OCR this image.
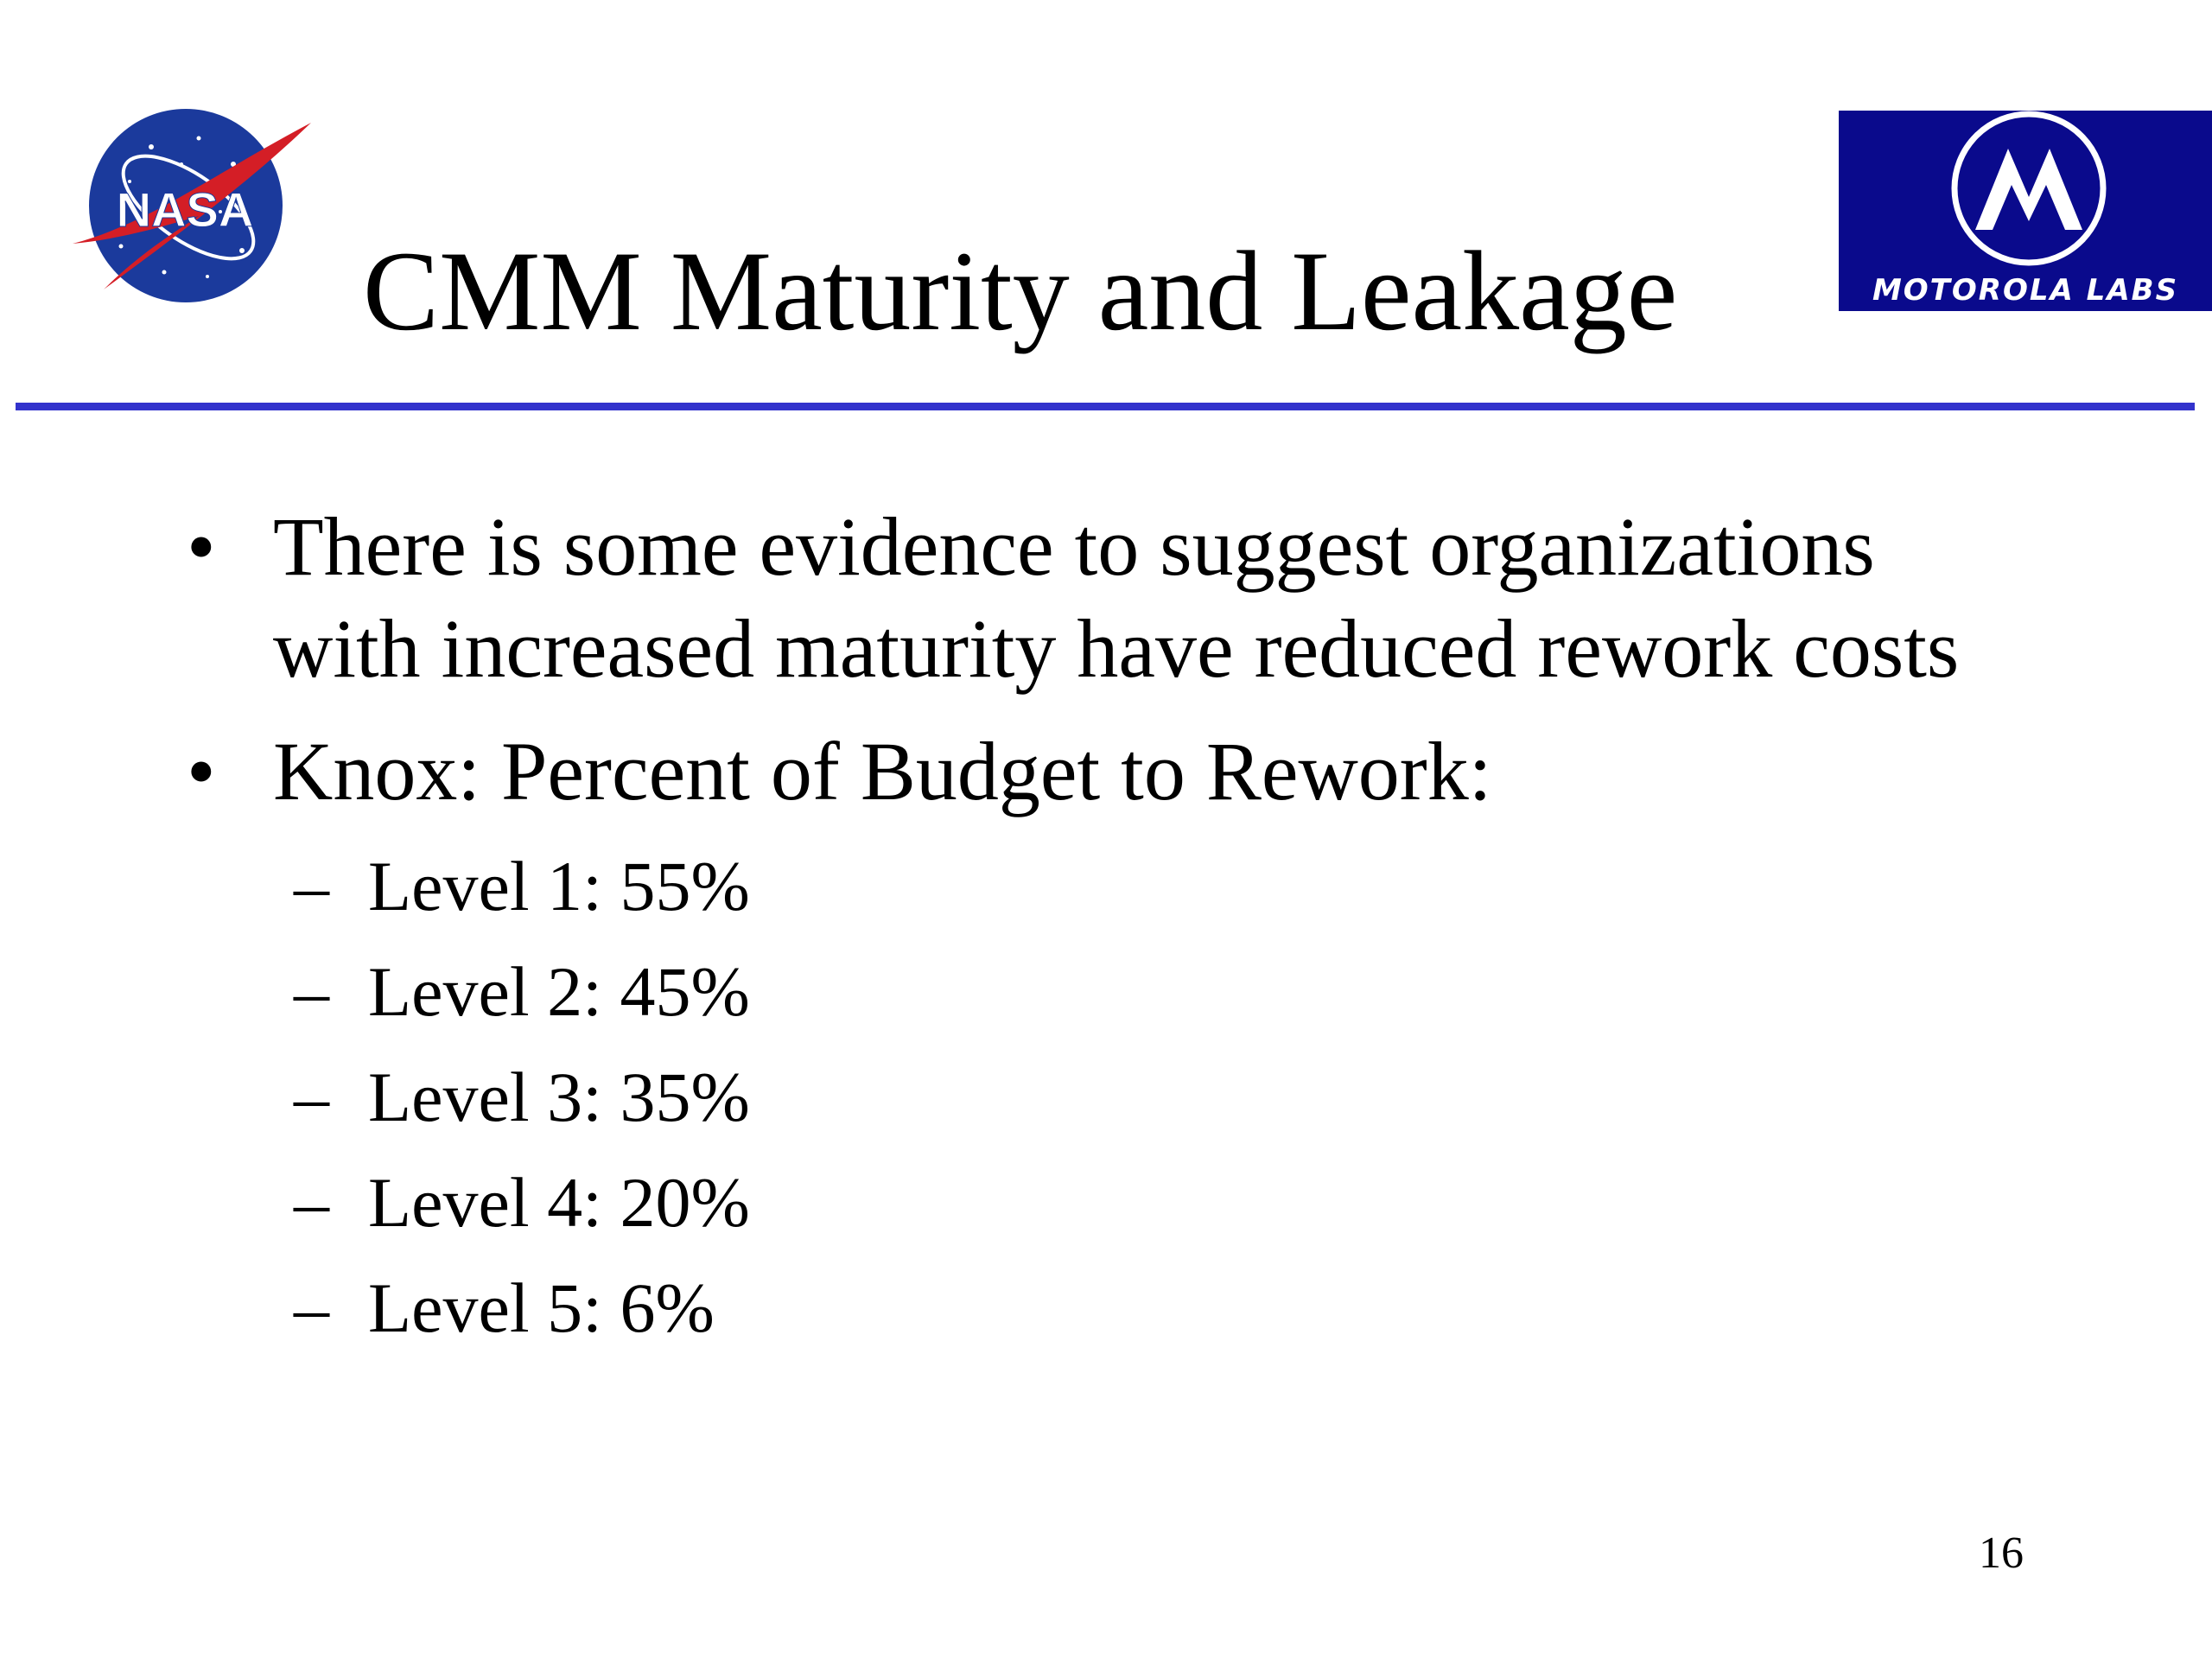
NASA
MOTOROLA LABS
CMM Maturity and Leakage
• There is some evidence to suggest organizations
with increased maturity have reduced rework costs
• Knox: Percent of Budget to Rework:
– Level 1: 55%
– Level 2: 45%
– Level 3: 35%
– Level 4: 20%
– Level 5: 6%
16
